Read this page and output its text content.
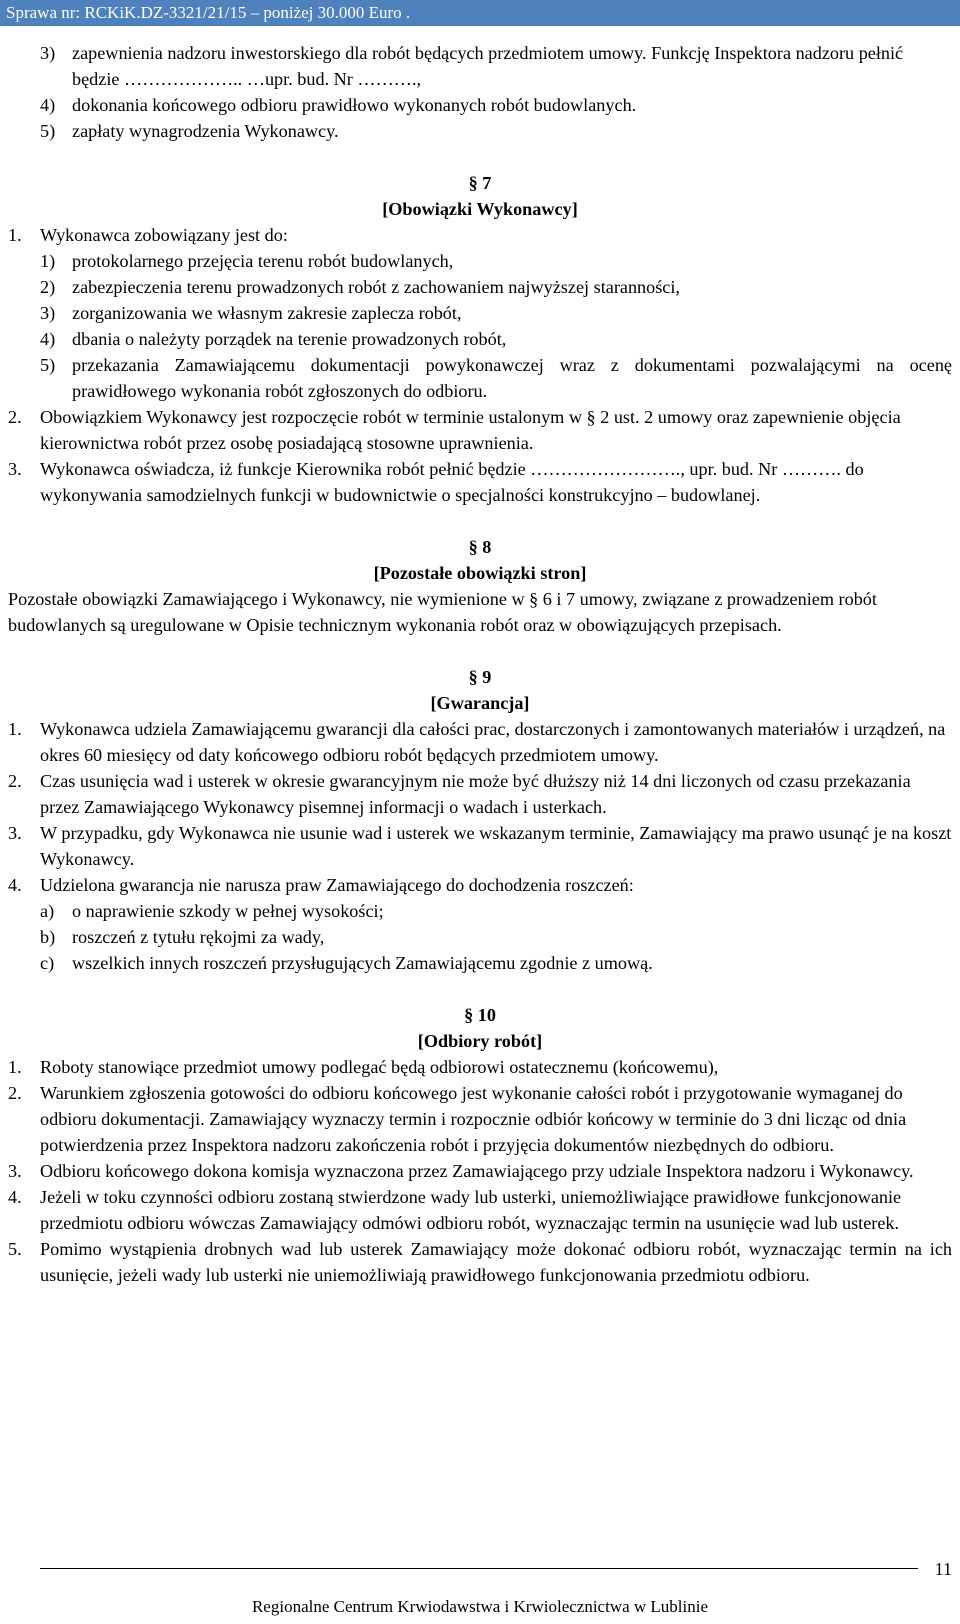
Sprawa nr: RCKiK.DZ-3321/21/15 – poniżej 30.000 Euro .
3) zapewnienia nadzoru inwestorskiego dla robót będących przedmiotem umowy. Funkcję Inspektora nadzoru pełnić będzie ……………….. …upr. bud. Nr ……….,
4) dokonania końcowego odbioru prawidłowo wykonanych robót budowlanych.
5) zapłaty wynagrodzenia Wykonawcy.
§ 7
[Obowiązki Wykonawcy]
1. Wykonawca zobowiązany jest do:
1) protokolarnego przejęcia terenu robót budowlanych,
2) zabezpieczenia terenu prowadzonych robót z zachowaniem najwyższej staranności,
3) zorganizowania we własnym zakresie zaplecza robót,
4) dbania o należyty porządek na terenie prowadzonych robót,
5) przekazania Zamawiającemu dokumentacji powykonawczej wraz z dokumentami pozwalającymi na ocenę prawidłowego wykonania robót zgłoszonych do odbioru.
2. Obowiązkiem Wykonawcy jest rozpoczęcie robót w terminie ustalonym w § 2 ust. 2 umowy oraz zapewnienie objęcia kierownictwa robót przez osobę posiadającą stosowne uprawnienia.
3. Wykonawca oświadcza, iż funkcje Kierownika robót pełnić będzie ……………………., upr. bud. Nr ………. do wykonywania samodzielnych funkcji w budownictwie o specjalności konstrukcyjno – budowlanej.
§ 8
[Pozostałe obowiązki stron]

Pozostałe obowiązki Zamawiającego i Wykonawcy, nie wymienione w § 6 i 7 umowy, związane z prowadzeniem robót budowlanych są uregulowane w Opisie technicznym wykonania robót oraz w obowiązujących przepisach.

§ 9
[Gwarancja]
1. Wykonawca udziela Zamawiającemu gwarancji dla całości prac, dostarczonych i zamontowanych materiałów i urządzeń, na okres 60 miesięcy od daty końcowego odbioru robót będących przedmiotem umowy.
2. Czas usunięcia wad i usterek w okresie gwarancyjnym nie może być dłuższy niż 14 dni liczonych od czasu przekazania przez Zamawiającego Wykonawcy pisemnej informacji o wadach i usterkach.
3. W przypadku, gdy Wykonawca nie usunie wad i usterek we wskazanym terminie, Zamawiający ma prawo usunąć je na koszt Wykonawcy.
4. Udzielona gwarancja nie narusza praw Zamawiającego do dochodzenia roszczeń:
a) o naprawienie szkody w pełnej wysokości;
b) roszczeń z tytułu rękojmi za wady,
c) wszelkich innych roszczeń przysługujących Zamawiającemu zgodnie z umową.
§ 10
[Odbiory robót]
1. Roboty stanowiące przedmiot umowy podlegać będą odbiorowi ostatecznemu (końcowemu),
2. Warunkiem zgłoszenia gotowości do odbioru końcowego jest wykonanie całości robót i przygotowanie wymaganej do odbioru dokumentacji. Zamawiający wyznaczy termin i rozpocznie odbiór końcowy w terminie do 3 dni licząc od dnia potwierdzenia przez Inspektora nadzoru zakończenia robót i przyjęcia dokumentów niezbędnych do odbioru.
3. Odbioru końcowego dokona komisja wyznaczona przez Zamawiającego przy udziale Inspektora nadzoru i Wykonawcy.
4. Jeżeli w toku czynności odbioru zostaną stwierdzone wady lub usterki, uniemożliwiające prawidłowe funkcjonowanie przedmiotu odbioru wówczas Zamawiający odmówi odbioru robót, wyznaczając termin na usunięcie wad lub usterek.
5. Pomimo wystąpienia drobnych wad lub usterek Zamawiający może dokonać odbioru robót, wyznaczając termin na ich usunięcie, jeżeli wady lub usterki nie uniemożliwiają prawidłowego funkcjonowania przedmiotu odbioru.
11
Regionalne Centrum Krwiodawstwa i Krwiolecznictwa w Lublinie
